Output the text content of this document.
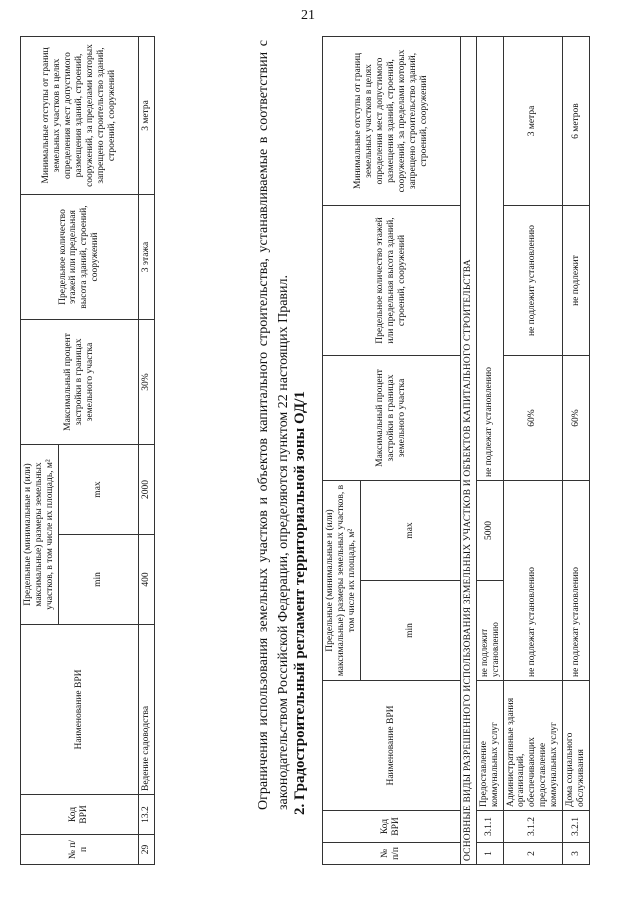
21
№ п/п	Код ВРИ	Наименование ВРИ	Предельные (минимальные и (или) максимальные) размеры земельных участков, в том числе их площадь, м²		Максимальный процент застройки в границах земельного участка	Предельное количество этажей или предельная высота зданий, строений, сооружений	Минимальные отступы от границ земельных участков в целях определения мест допустимого размещения зданий, строений, сооружений, за пределами которых запрещено строительство зданий, строений, сооружений
			min	max			
29	13.2	Ведение садоводства	400	2000	30%	3 этажа	3 метра	Ограничения использования земельных участков и объектов капитального строительства, устанавливаемые в соответствии с законодательством Российской Федерации, определяются пунктом 22 настоящих Правил. 2. Градостроительный регламент территориальной зоны ОД/1
№ п/п	Код ВРИ	Наименование ВРИ	Предельные (минимальные и (или) максимальные) размеры земельных участков, в том числе их площадь, м²		Максимальный процент застройки в границах земельного участка	Предельное количество этажей или предельная высота зданий, строений, сооружений	Минимальные отступы от границ земельных участков в целях определения мест допустимого размещения зданий, строений, сооружений, за пределами которых запрещено строительство зданий, строений, сооружений
			min	max			
ОСНОВНЫЕ ВИДЫ РАЗРЕШЕННОГО ИСПОЛЬЗОВАНИЯ ЗЕМЕЛЬНЫХ УЧАСТКОВ И ОБЪЕКТОВ КАПИТАЛЬНОГО СТРОИТЕЛЬСТВА							
1	3.1.1	Предоставление коммунальных услуг	не подлежит установлению	5000	не подлежат установлению		
2	3.1.2	Административные здания организаций, обеспечивающих предоставление коммунальных услуг	не подлежат установлению		60%	не подлежит установлению	3 метра
3	3.2.1	Дома социального обслуживания	не подлежат установлению		60%	не подлежит	6 метров
